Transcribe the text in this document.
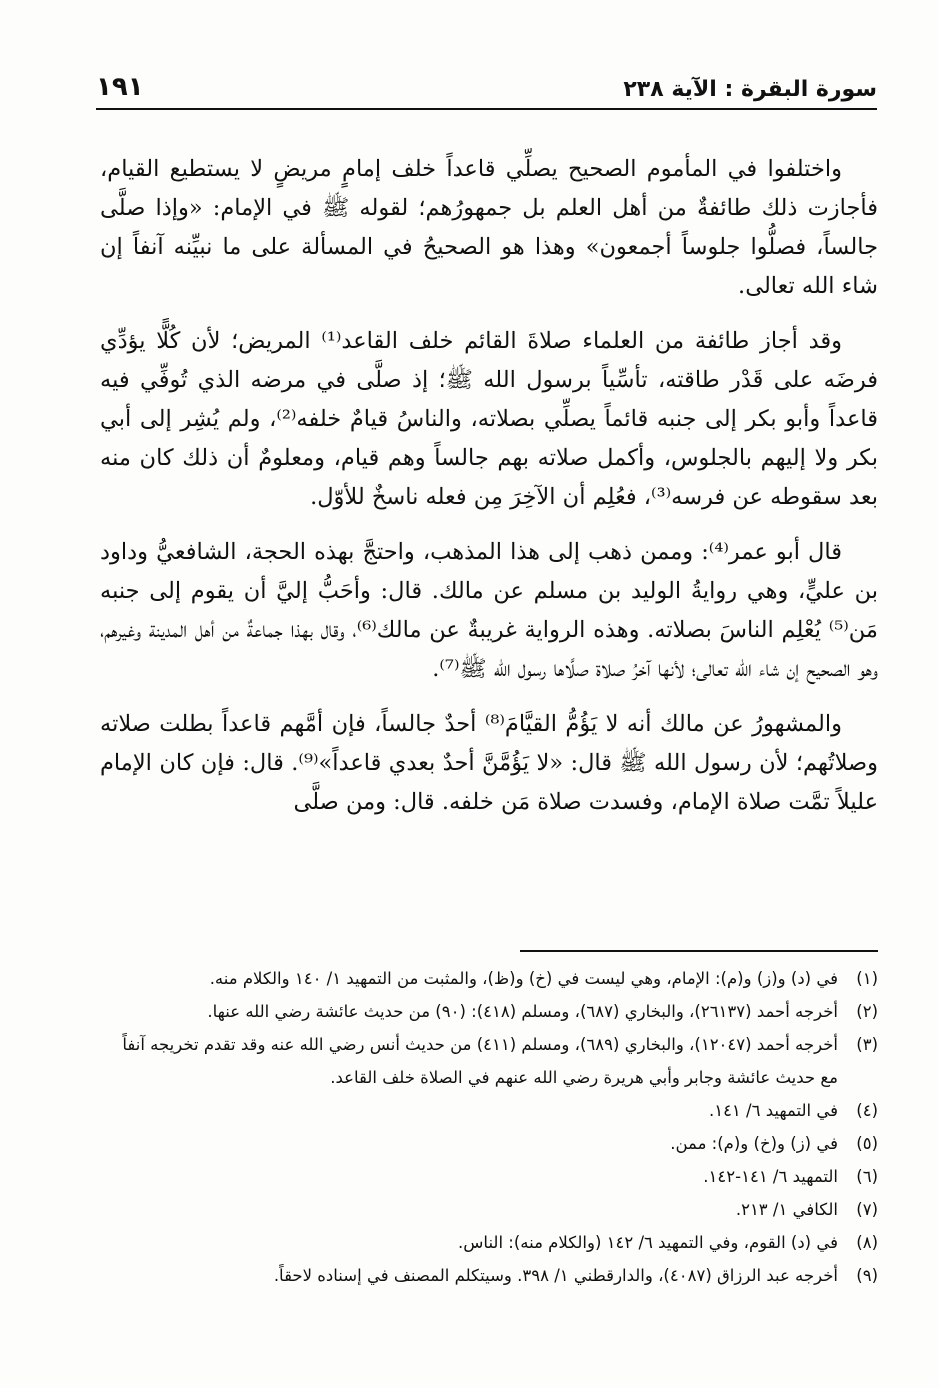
سورة البقرة : الآية ٢٣٨
١٩١

واختلفوا في المأموم الصحيح يصلِّي قاعداً خلف إمامٍ مريضٍ لا يستطيع القيام، فأجازت ذلك طائفةٌ من أهل العلم بل جمهورُهم؛ لقوله ﷺ في الإمام: «وإذا صلَّى جالساً، فصلُّوا جلوساً أجمعون» وهذا هو الصحيحُ في المسألة على ما نبيِّنه آنفاً إن شاء الله تعالى.

وقد أجاز طائفة من العلماء صلاةَ القائم خلف القاعد⁽¹⁾ المريض؛ لأن كُلًّا يؤدِّي فرضَه على قَدْر طاقته، تأسِّياً برسول الله ﷺ؛ إذ صلَّى في مرضه الذي تُوفِّي فيه قاعداً وأبو بكر إلى جنبه قائماً يصلِّي بصلاته، والناسُ قيامٌ خلفه⁽²⁾، ولم يُشِر إلى أبي بكر ولا إليهم بالجلوس، وأكمل صلاته بهم جالساً وهم قيام، ومعلومٌ أن ذلك كان منه بعد سقوطه عن فرسه⁽³⁾، فعُلِم أن الآخِرَ مِن فعله ناسخٌ للأوّل.

قال أبو عمر⁽⁴⁾: وممن ذهب إلى هذا المذهب، واحتجَّ بهذه الحجة، الشافعيُّ وداود بن عليٍّ، وهي روايةُ الوليد بن مسلم عن مالك. قال: وأحَبُّ إليَّ أن يقوم إلى جنبه مَن⁽⁵⁾ يُعْلِم الناسَ بصلاته. وهذه الرواية غريبةٌ عن مالك⁽⁶⁾، وقال بهذا جماعةٌ من أهل المدينة وغيرهم، وهو الصحيح إن شاء الله تعالى؛ لأنها آخرُ صلاة صلَّاها رسول الله ﷺ⁽⁷⁾.

والمشهورُ عن مالك أنه لا يَؤُمُّ القيَّامَ⁽⁸⁾ أحدٌ جالساً، فإن أمَّهم قاعداً بطلت صلاته وصلاتُهم؛ لأن رسول الله ﷺ قال: «لا يَؤُمَّنَّ أحدٌ بعدي قاعداً»⁽⁹⁾. قال: فإن كان الإمام عليلاً تمَّت صلاة الإمام، وفسدت صلاة مَن خلفه. قال: ومن صلَّى

(١)
في (د) و(ز) و(م): الإمام، وهي ليست في (خ) و(ظ)، والمثبت من التمهيد ١/ ١٤٠ والكلام منه.
(٢)
أخرجه أحمد (٢٦١٣٧)، والبخاري (٦٨٧)، ومسلم (٤١٨): (٩٠) من حديث عائشة رضي الله عنها.
(٣)
أخرجه أحمد (١٢٠٤٧)، والبخاري (٦٨٩)، ومسلم (٤١١) من حديث أنس رضي الله عنه وقد تقدم تخريجه آنفاً مع حديث عائشة وجابر وأبي هريرة رضي الله عنهم في الصلاة خلف القاعد.
(٤)
في التمهيد ٦/ ١٤١.
(٥)
في (ز) و(خ) و(م): ممن.
(٦)
التمهيد ٦/ ١٤١-١٤٢.
(٧)
الكافي ١/ ٢١٣.
(٨)
في (د) القوم، وفي التمهيد ٦/ ١٤٢ (والكلام منه): الناس.
(٩)
أخرجه عبد الرزاق (٤٠٨٧)، والدارقطني ١/ ٣٩٨. وسيتكلم المصنف في إسناده لاحقاً.
